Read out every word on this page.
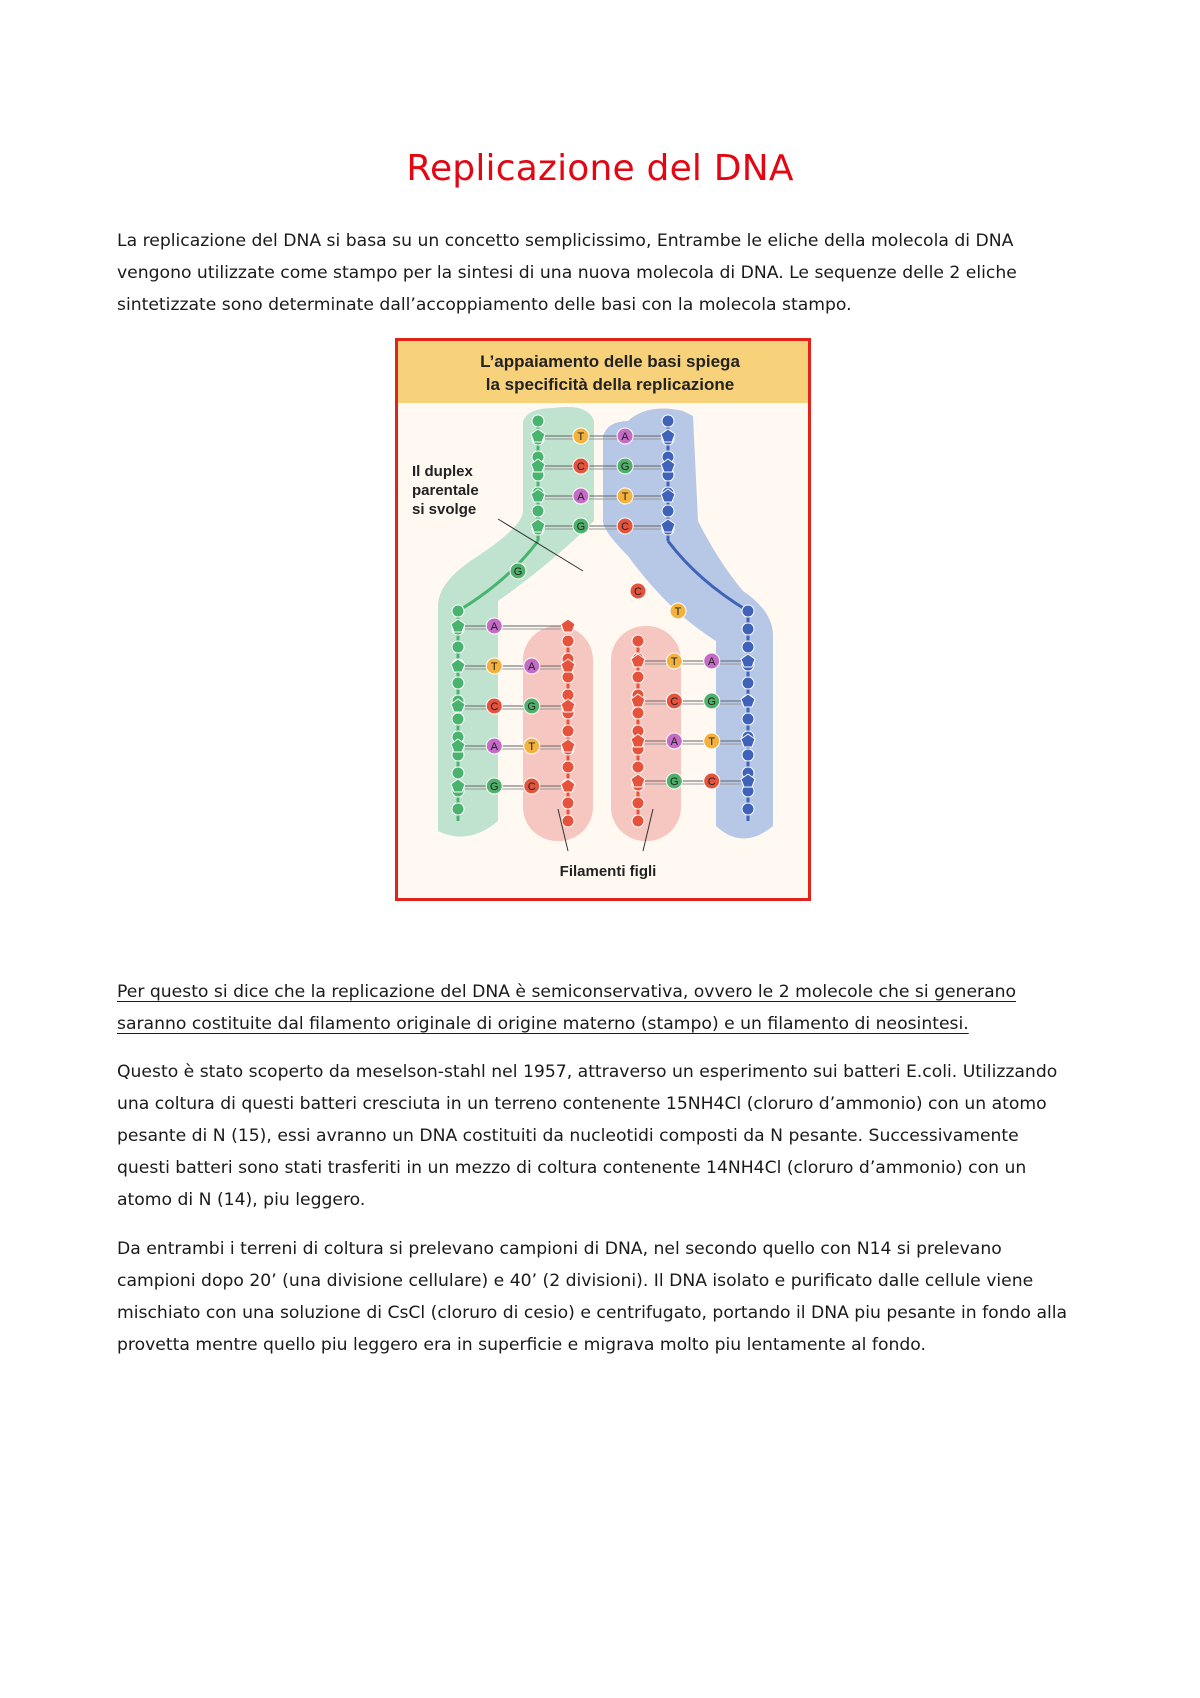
Replicazione del DNA

La replicazione del DNA si basa su un concetto semplicissimo, Entrambe le eliche della molecola di DNA vengono utilizzate come stampo per la sintesi di una nuova molecola di DNA. Le sequenze delle 2 eliche sintetizzate sono determinate dall’accoppiamento delle basi con la molecola stampo.

L’appaiamento delle basi spiega
la specificità della replicazione
T	A
C	G
A	T
G	C
G
C
T
A
T	A
C	G
A	T
G	C
T	A
C	G
A	T
G	C
Il duplex
parentale
si svolge
Filamenti figli

Per questo si dice che la replicazione del DNA è semiconservativa, ovvero le 2 molecole che si generano saranno costituite dal filamento originale di origine materno (stampo) e un filamento di neosintesi.

Questo è stato scoperto da meselson-stahl nel 1957, attraverso un esperimento sui batteri E.coli. Utilizzando una coltura di questi batteri cresciuta in un terreno contenente 15NH4Cl (cloruro d’ammonio) con un atomo pesante di N (15), essi avranno un DNA costituiti da nucleotidi composti da N pesante. Successivamente questi batteri sono stati trasferiti in un mezzo di coltura contenente 14NH4Cl (cloruro d’ammonio) con un atomo di N (14), piu leggero.

Da entrambi i terreni di coltura si prelevano campioni di DNA, nel secondo quello con N14 si prelevano campioni dopo 20’ (una divisione cellulare) e 40’ (2 divisioni). Il DNA isolato e purificato dalle cellule viene mischiato con una soluzione di CsCl (cloruro di cesio) e centrifugato, portando il DNA piu pesante in fondo alla provetta mentre quello piu leggero era in superficie e migrava molto piu lentamente al fondo.
